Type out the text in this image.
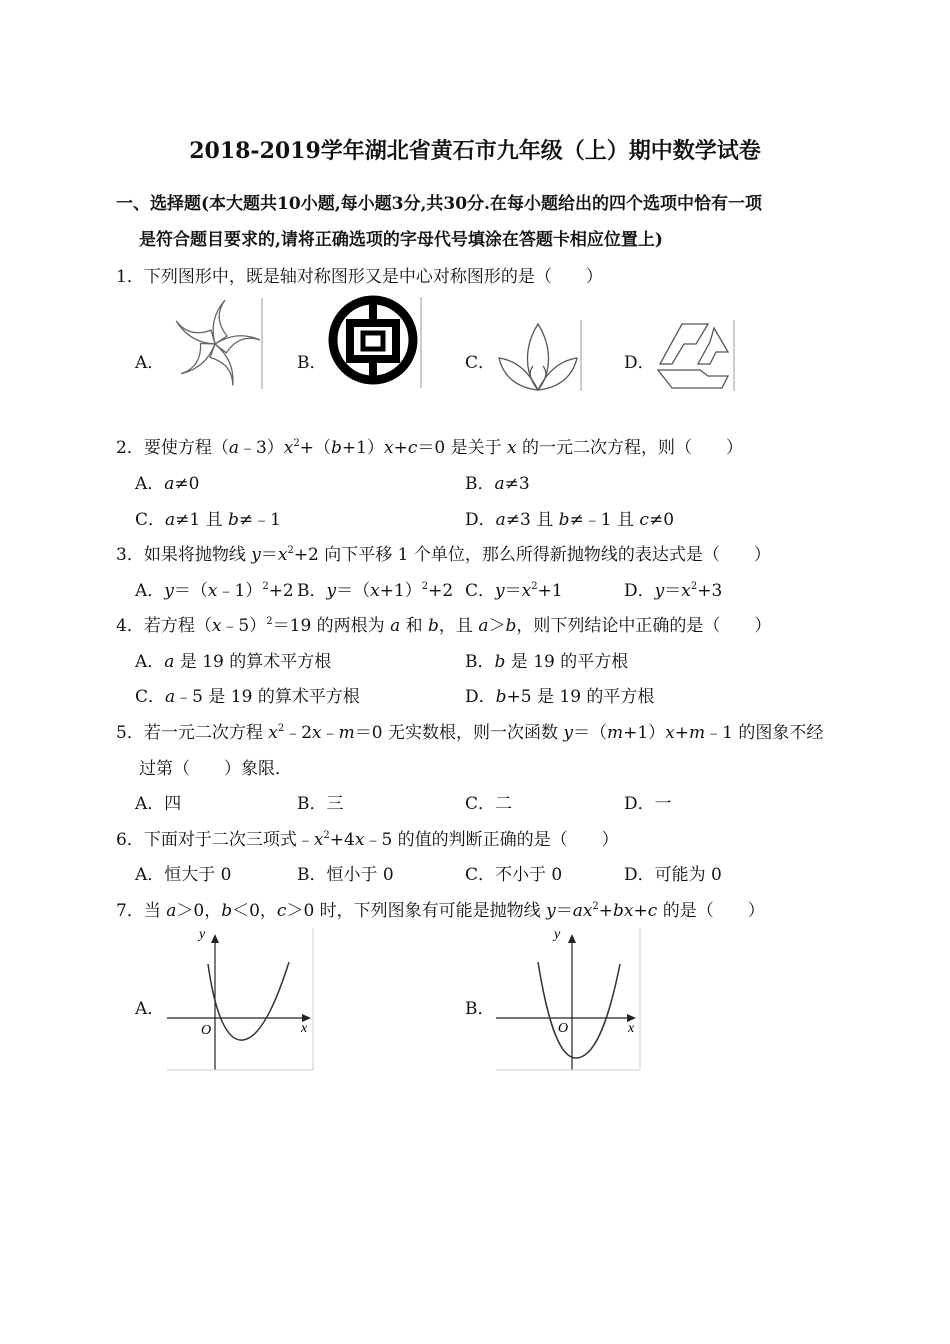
2018-2019学年湖北省黄石市九年级（上）期中数学试卷
一、选择题(本大题共10小题,每小题3分,共30分.在每小题给出的四个选项中恰有一项
是符合题目要求的,请将正确选项的字母代号填涂在答题卡相应位置上)
1．下列图形中，既是轴对称图形又是中心对称图形的是（　　）
A．	B．	C．	D．
2．要使方程$(a﹣3)x^2+(b+1)x+c=0$ 是关于 x 的一元二次方程，则（　　）
A．a≠0	B．a≠3
C．a≠1 且 b≠﹣1	D．a≠3 且 b≠﹣1 且 c≠0
3．如果将抛物线 $y=x^2+2$ 向下平移 1 个单位，那么所得新抛物线的表达式是（　　）
A．y＝（x﹣1）$^2$+2 B．$y=(x+1)^2+2$ C．$y=x^2+1$	D．$y=x^2+3$
4．若方程（x﹣5）$^2$＝19 的两根为 a 和 b，且 a＞b，则下列结论中正确的是（　　）
A．a 是 19 的算术平方根	B．b 是 19 的平方根
C．a﹣5 是 19 的算术平方根	D．b+5 是 19 的平方根
5．若一元二次方程 $x^2﹣2x﹣m=0$ 无实数根，则一次函数 y＝（m+1）x+m﹣1 的图象不经
过第（　　）象限．
A．四	B．三	C．二	D．一
6．下面对于二次三项式$﹣x^2+4x﹣5$ 的值的判断正确的是（　　）
A．恒大于 0	B．恒小于 0	C．不小于 0	D．可能为 0
7．当 a＞0，b＜0，c＞0 时，下列图象有可能是抛物线 $y=ax^2+bx+c$ 的是（　　）
A．
y
x
O
B．
y
x
O
